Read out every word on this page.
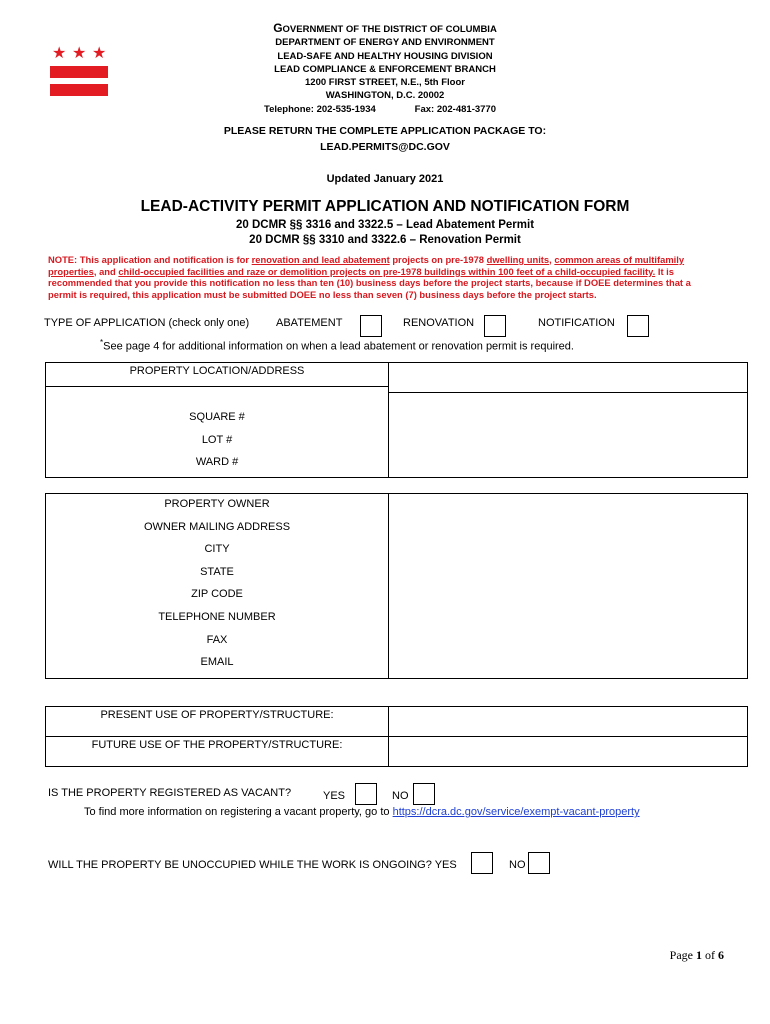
★ ★ ★
GOVERNMENT OF THE DISTRICT OF COLUMBIA
DEPARTMENT OF ENERGY AND ENVIRONMENT
LEAD-SAFE AND HEALTHY HOUSING DIVISION
LEAD COMPLIANCE & ENFORCEMENT BRANCH
1200 FIRST STREET, N.E., 5th Floor
WASHINGTON, D.C. 20002
Telephone: 202-535-1934	Fax: 202-481-3770
PLEASE RETURN THE COMPLETE APPLICATION PACKAGE TO:
LEAD.PERMITS@DC.GOV
Updated January 2021
LEAD-ACTIVITY PERMIT APPLICATION AND NOTIFICATION FORM
20 DCMR §§ 3316 and 3322.5 – Lead Abatement Permit
20 DCMR §§ 3310 and 3322.6 – Renovation Permit
NOTE: This application and notification is for renovation and lead abatement projects on pre-1978 dwelling units, common areas of multifamily properties, and child-occupied facilities and raze or demolition projects on pre-1978 buildings within 100 feet of a child-occupied facility. It is recommended that you provide this notification no less than ten (10) business days before the project starts, because if DOEE determines that a permit is required, this application must be submitted DOEE no less than seven (7) business days before the project starts.
TYPE OF APPLICATION (check only one) ABATEMENT	RENOVATION	NOTIFICATION
*See page 4 for additional information on when a lead abatement or renovation permit is required.
PROPERTY LOCATION/ADDRESS
SQUARE #
LOT #
WARD #

PROPERTY OWNER
OWNER MAILING ADDRESS
CITY
STATE
ZIP CODE
TELEPHONE NUMBER
FAX
EMAIL

PRESENT USE OF PROPERTY/STRUCTURE:	
FUTURE USE OF THE PROPERTY/STRUCTURE:	
IS THE PROPERTY REGISTERED AS VACANT?	YES	NO
To find more information on registering a vacant property, go to https://dcra.dc.gov/service/exempt-vacant-property
WILL THE PROPERTY BE UNOCCUPIED WHILE THE WORK IS ONGOING? YES	NO
Page 1 of 6
